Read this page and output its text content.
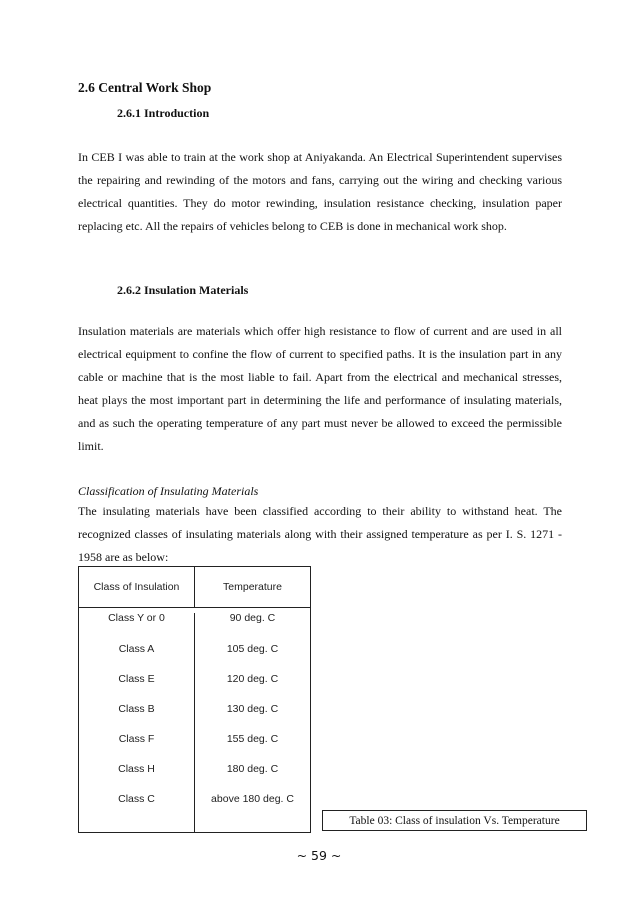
2.6 Central Work Shop
2.6.1 Introduction

In CEB I was able to train at the work shop at Aniyakanda. An Electrical Superintendent supervises the repairing and rewinding of the motors and fans, carrying out the wiring and checking various electrical quantities. They do motor rewinding, insulation resistance checking, insulation paper replacing etc. All the repairs of vehicles belong to CEB is done in mechanical work shop.

2.6.2 Insulation Materials

Insulation materials are materials which offer high resistance to flow of current and are used in all electrical equipment to confine the flow of current to specified paths. It is the insulation part in any cable or machine that is the most liable to fail. Apart from the electrical and mechanical stresses, heat plays the most important part in determining the life and performance of insulating materials, and as such the operating temperature of any part must never be allowed to exceed the permissible limit.

Classification of Insulating Materials

The insulating materials have been classified according to their ability to withstand heat. The recognized classes of insulating materials along with their assigned temperature as per I. S. 1271 - 1958 are as below:

Class of Insulation	Temperature
Class Y or 0	90 deg. C
Class A	105 deg. C
Class E	120 deg. C
Class B	130 deg. C
Class F	155 deg. C
Class H	180 deg. C
Class C	above 180 deg. C
Table 03: Class of insulation Vs. Temperature
~ 59 ~
